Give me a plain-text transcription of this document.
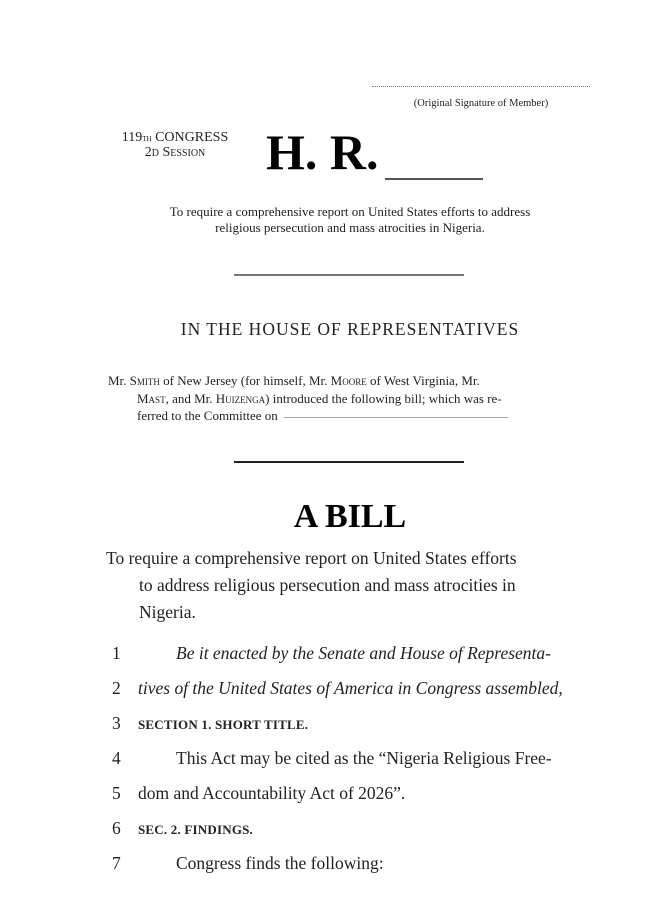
(Original Signature of Member)
119th CONGRESS
2D Session	H. R.
To require a comprehensive report on United States efforts to address
religious persecution and mass atrocities in Nigeria.
IN THE HOUSE OF REPRESENTATIVES
Mr. Smith of New Jersey (for himself, Mr. Moore of West Virginia, Mr.
Mast, and Mr. Huizenga) introduced the following bill; which was re-
ferred to the Committee on
A BILL
To require a comprehensive report on United States efforts
to address religious persecution and mass atrocities in
Nigeria.
1	Be it enacted by the Senate and House of Representa-
2 tives of the United States of America in Congress assembled,
3	SECTION 1. SHORT TITLE.
4	This Act may be cited as the “Nigeria Religious Free-
5 dom and Accountability Act of 2026”.
6	SEC. 2. FINDINGS.
7	Congress finds the following:
